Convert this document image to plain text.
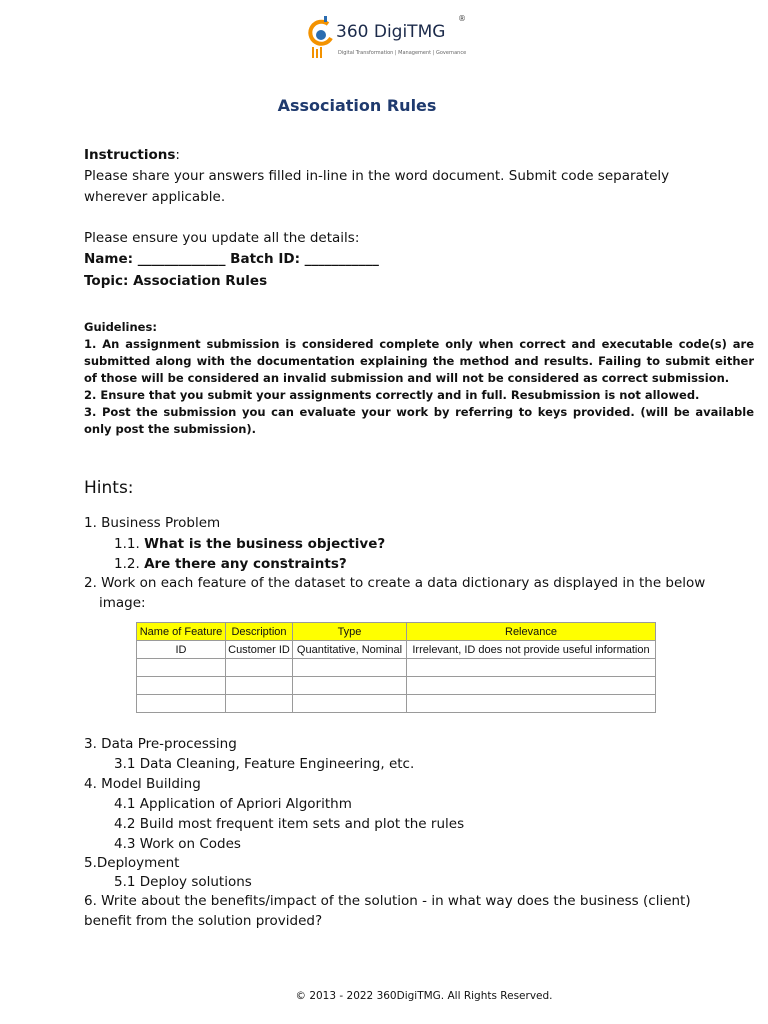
360 DigiTMG
Digital Transformation | Management | Governance
®
Association Rules
Instructions:
Please share your answers filled in-line in the word document. Submit code separately
wherever applicable.
Please ensure you update all the details:
Name: _____________ Batch ID: ___________
Topic: Association Rules
Guidelines:
1. An assignment submission is considered complete only when correct and executable code(s) are submitted along with the documentation explaining the method and results. Failing to submit either of those will be considered an invalid submission and will not be considered as correct submission.
2. Ensure that you submit your assignments correctly and in full. Resubmission is not allowed.
3. Post the submission you can evaluate your work by referring to keys provided. (will be available only post the submission).
Hints:
1. Business Problem
1.1. What is the business objective?
1.2. Are there any constraints?
2. Work on each feature of the dataset to create a data dictionary as displayed in the below
image:
Name of Feature	Description	Type	Relevance
ID	Customer ID	Quantitative, Nominal	Irrelevant, ID does not provide useful information

3. Data Pre-processing
3.1 Data Cleaning, Feature Engineering, etc.
4. Model Building
4.1 Application of Apriori Algorithm
4.2 Build most frequent item sets and plot the rules
4.3 Work on Codes
5.Deployment
5.1 Deploy solutions
6. Write about the benefits/impact of the solution - in what way does the business (client)
benefit from the solution provided?
© 2013 - 2022 360DigiTMG. All Rights Reserved.
